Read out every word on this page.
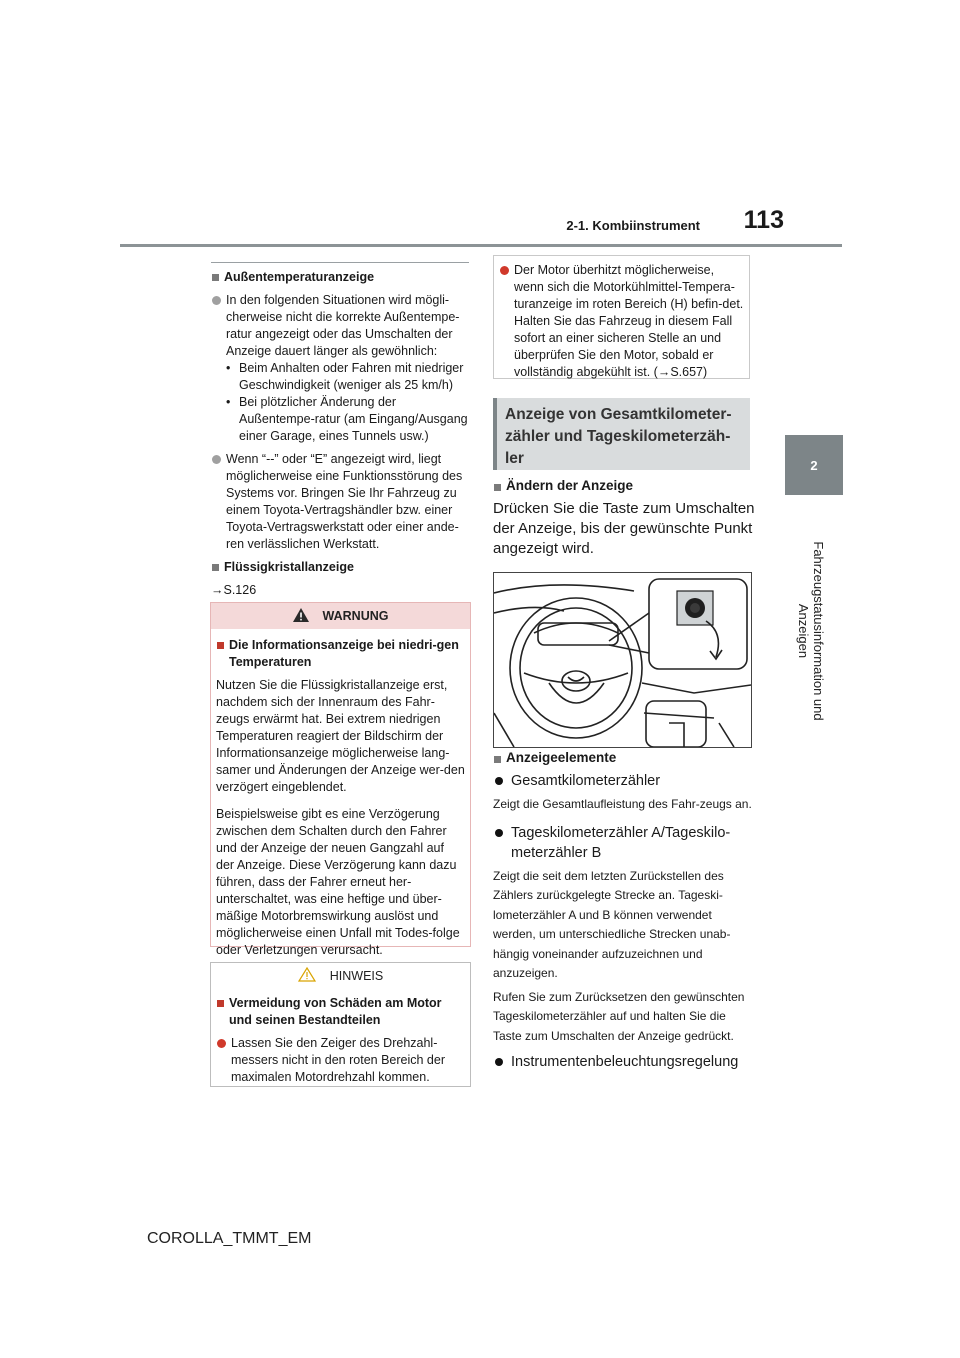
2-1. Kombiinstrument	113
2
Fahrzeugstatusinformation und Anzeigen
Außentemperaturanzeige
In den folgenden Situationen wird mögli-cherweise nicht die korrekte Außentempe-ratur angezeigt oder das Umschalten der Anzeige dauert länger als gewöhnlich:
• Beim Anhalten oder Fahren mit niedriger Geschwindigkeit (weniger als 25 km/h)
• Bei plötzlicher Änderung der Außentempe-ratur (am Eingang/Ausgang einer Garage, eines Tunnels usw.)
Wenn “--” oder “E” angezeigt wird, liegt möglicherweise eine Funktionsstörung des Systems vor. Bringen Sie Ihr Fahrzeug zu einem Toyota-Vertragshändler bzw. einer Toyota-Vertragswerkstatt oder einer ande-ren verlässlichen Werkstatt.
Flüssigkristallanzeige
→S.126
WARNUNG
Die Informationsanzeige bei niedri-gen Temperaturen
Nutzen Sie die Flüssigkristallanzeige erst, nachdem sich der Innenraum des Fahr-zeugs erwärmt hat. Bei extrem niedrigen Temperaturen reagiert der Bildschirm der Informationsanzeige möglicherweise lang-samer und Änderungen der Anzeige wer-den verzögert eingeblendet.
Beispielsweise gibt es eine Verzögerung zwischen dem Schalten durch den Fahrer und der Anzeige der neuen Gangzahl auf der Anzeige. Diese Verzögerung kann dazu führen, dass der Fahrer erneut her-unterschaltet, was eine heftige und über-mäßige Motorbremswirkung auslöst und möglicherweise einen Unfall mit Todes-folge oder Verletzungen verursacht.
HINWEIS
Vermeidung von Schäden am Motor und seinen Bestandteilen
Lassen Sie den Zeiger des Drehzahl-messers nicht in den roten Bereich der maximalen Motordrehzahl kommen.
Der Motor überhitzt möglicherweise, wenn sich die Motorkühlmittel-Tempera-turanzeige im roten Bereich (H) befin-det. Halten Sie das Fahrzeug in diesem Fall sofort an einer sicheren Stelle an und überprüfen Sie den Motor, sobald er vollständig abgekühlt ist. (→S.657)
Anzeige von Gesamtkilometer-zähler und Tageskilometerzäh-ler
Ändern der Anzeige
Drücken Sie die Taste zum Umschalten der Anzeige, bis der gewünschte Punkt angezeigt wird.
Anzeigeelemente
Gesamtkilometerzähler
Zeigt die Gesamtlaufleistung des Fahr-zeugs an.
Tageskilometerzähler A/Tageskilo-meterzähler B
Zeigt die seit dem letzten Zurückstellen des Zählers zurückgelegte Strecke an. Tageski-lometerzähler A und B können verwendet werden, um unterschiedliche Strecken unab-hängig voneinander aufzuzeichnen und anzuzeigen.
Rufen Sie zum Zurücksetzen den gewünschten Tageskilometerzähler auf und halten Sie die Taste zum Umschalten der Anzeige gedrückt.
Instrumentenbeleuchtungsregelung
COROLLA_TMMT_EM
